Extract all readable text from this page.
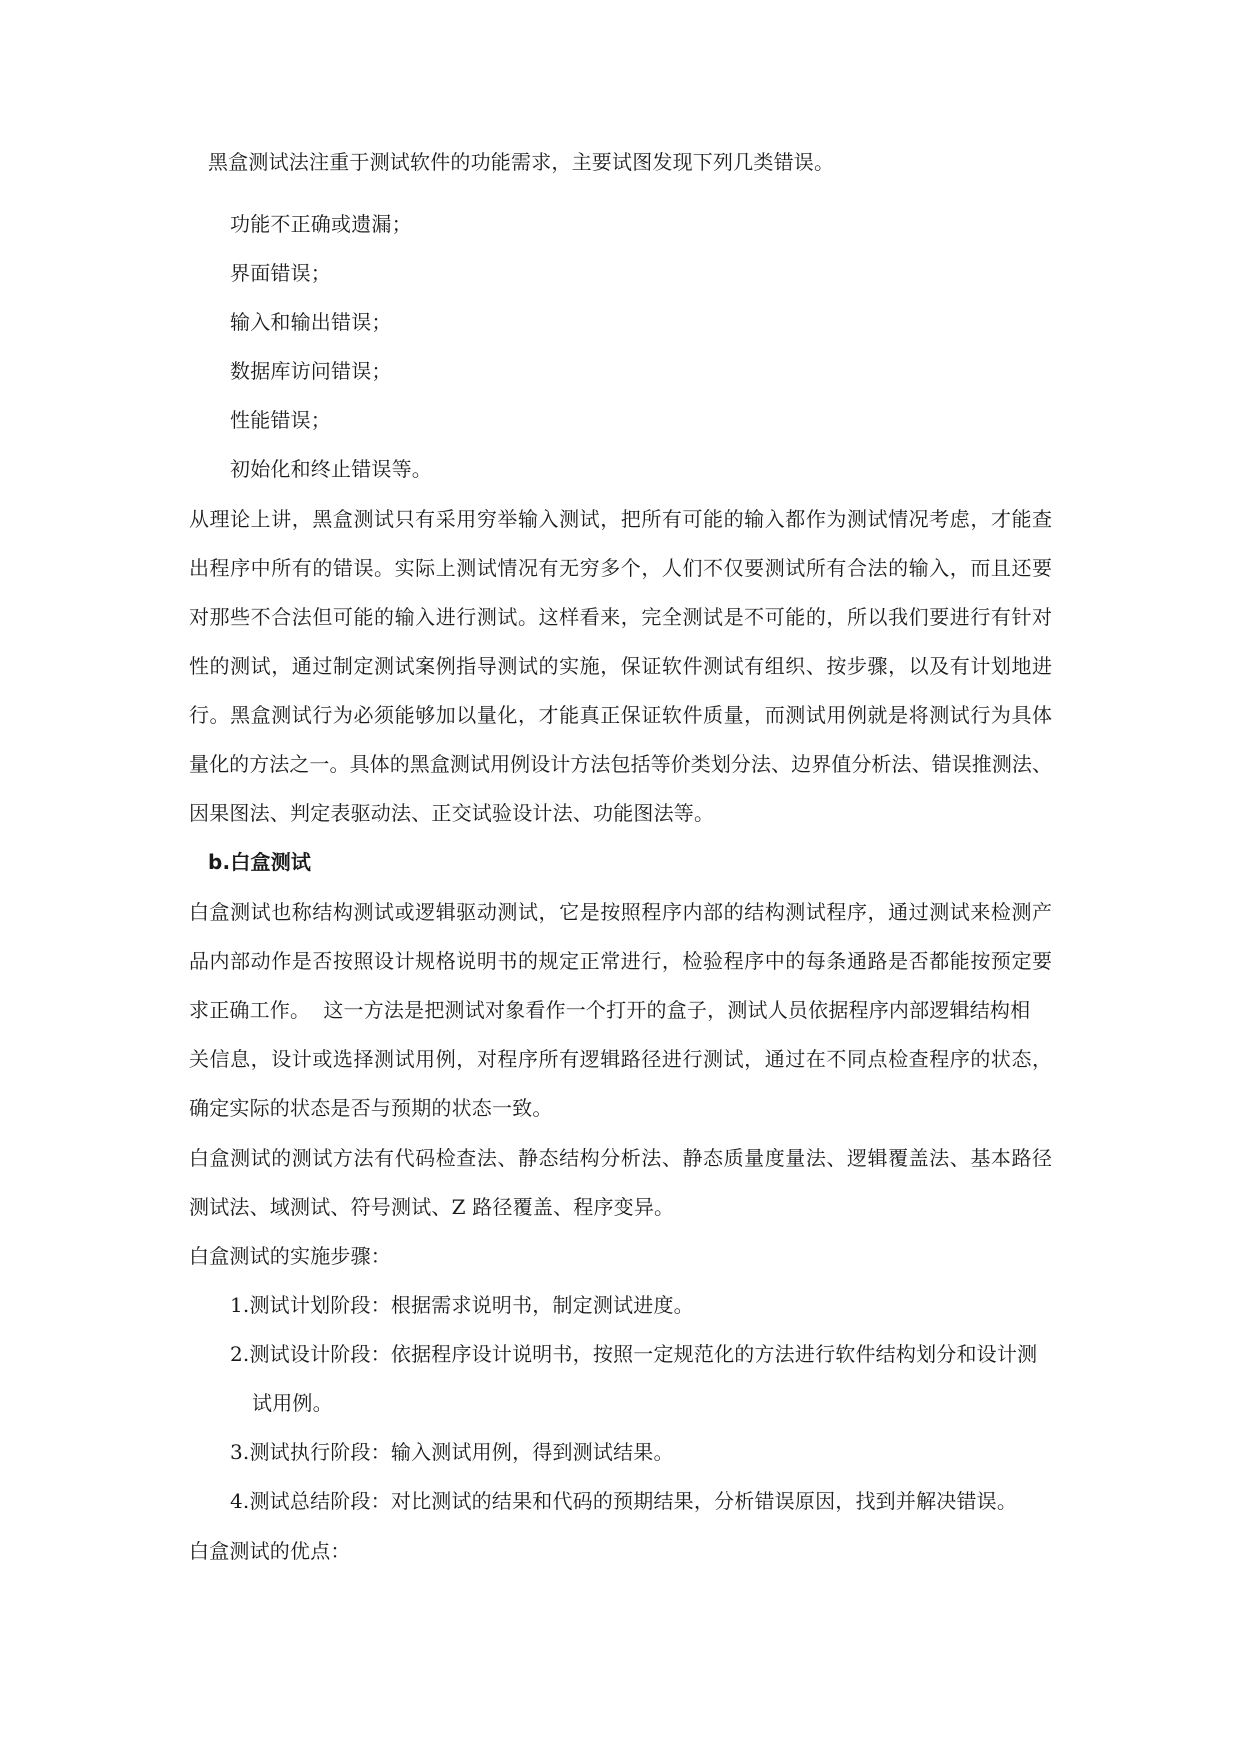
黑盒测试法注重于测试软件的功能需求，主要试图发现下列几类错误。
功能不正确或遗漏；
界面错误；
输入和输出错误；
数据库访问错误；
性能错误；
初始化和终止错误等。
从理论上讲，黑盒测试只有采用穷举输入测试，把所有可能的输入都作为测试情况考虑，才能查
出程序中所有的错误。实际上测试情况有无穷多个，人们不仅要测试所有合法的输入，而且还要
对那些不合法但可能的输入进行测试。这样看来，完全测试是不可能的，所以我们要进行有针对
性的测试，通过制定测试案例指导测试的实施，保证软件测试有组织、按步骤，以及有计划地进
行。黑盒测试行为必须能够加以量化，才能真正保证软件质量，而测试用例就是将测试行为具体
量化的方法之一。具体的黑盒测试用例设计方法包括等价类划分法、边界值分析法、错误推测法、
因果图法、判定表驱动法、正交试验设计法、功能图法等。
b.白盒测试
白盒测试也称结构测试或逻辑驱动测试，它是按照程序内部的结构测试程序，通过测试来检测产
品内部动作是否按照设计规格说明书的规定正常进行，检验程序中的每条通路是否都能按预定要
求正确工作。  这一方法是把测试对象看作一个打开的盒子，测试人员依据程序内部逻辑结构相
关信息，设计或选择测试用例，对程序所有逻辑路径进行测试，通过在不同点检查程序的状态，
确定实际的状态是否与预期的状态一致。
白盒测试的测试方法有代码检查法、静态结构分析法、静态质量度量法、逻辑覆盖法、基本路径
测试法、域测试、符号测试、Z 路径覆盖、程序变异。
白盒测试的实施步骤：
1.测试计划阶段：根据需求说明书，制定测试进度。
2.测试设计阶段：依据程序设计说明书，按照一定规范化的方法进行软件结构划分和设计测
试用例。
3.测试执行阶段：输入测试用例，得到测试结果。
4.测试总结阶段：对比测试的结果和代码的预期结果，分析错误原因，找到并解决错误。
白盒测试的优点：
